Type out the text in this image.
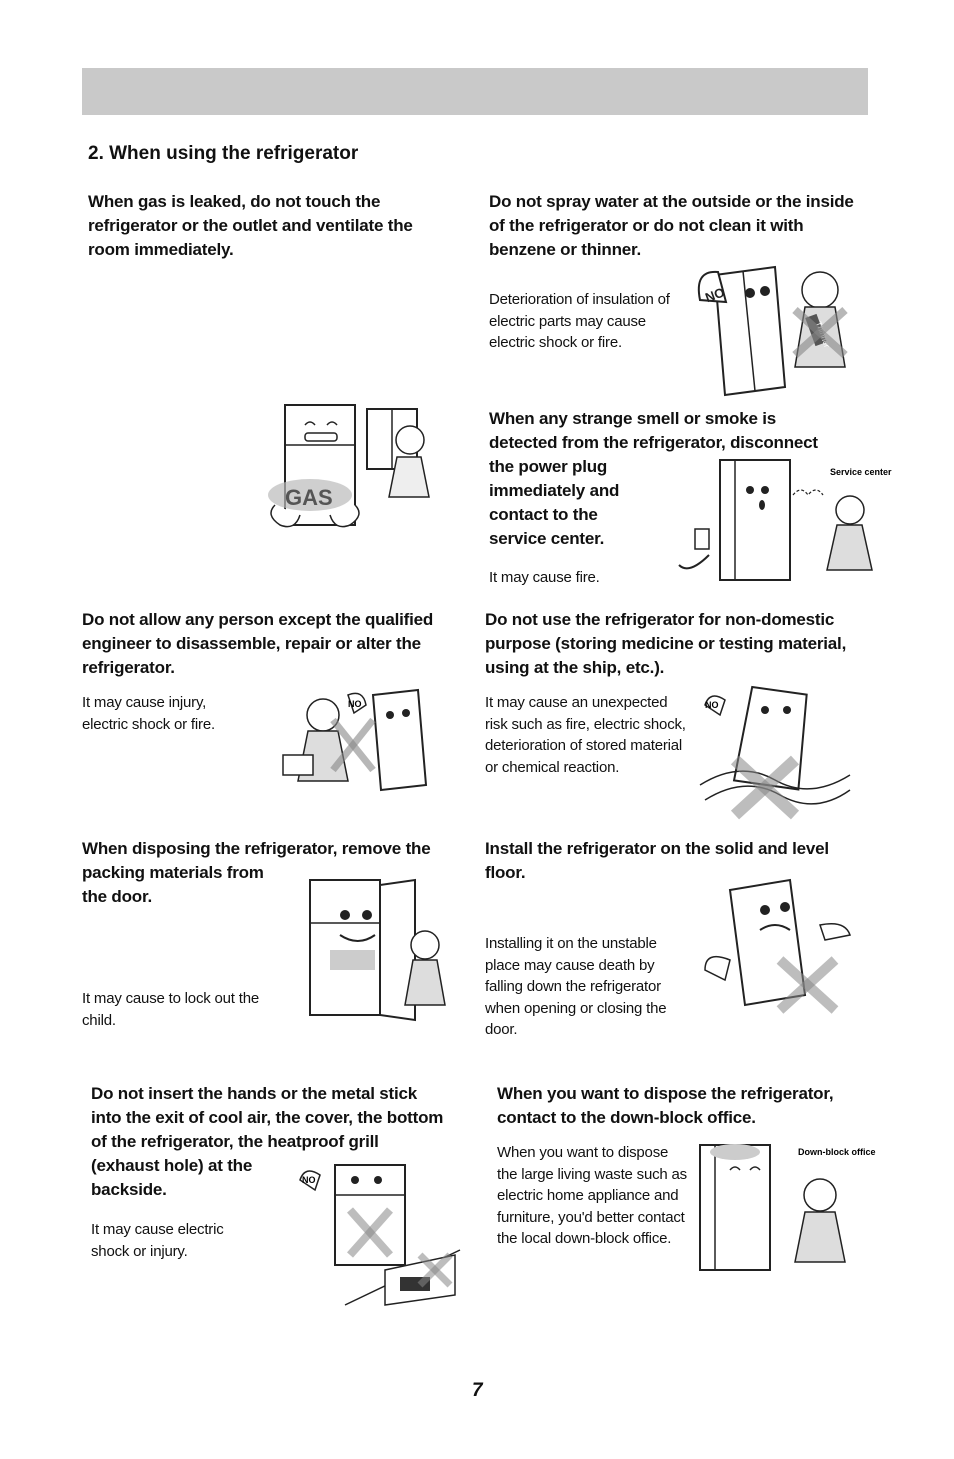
2. When using the refrigerator
When gas is leaked, do not touch the refrigerator or the outlet and ventilate the room immediately.
GAS
Do not spray water at the outside or the inside of the refrigerator or do not clean it with benzene or thinner.
Deterioration of insulation of electric parts may cause electric shock or fire.
NO
When any strange smell or smoke is
detected from the refrigerator, disconnect
the power plug
immediately and
contact to the
service center.
It may cause fire.
Service center
Do not allow any person except the qualified engineer to disassemble, repair or alter the refrigerator.
It may cause injury, electric shock or fire.
NO
Do not use the refrigerator for non-domestic purpose (storing medicine or testing material, using at the ship, etc.).
It may cause an unexpected risk such as fire, electric shock, deterioration of stored material or chemical reaction.
NO
When disposing the refrigerator, remove the
packing materials from
the door.
It may cause to lock out the child.
Install the refrigerator on the solid and level floor.
Installing it on the unstable place may cause death by falling down the refrigerator when opening or closing the door.
Do not insert the hands or the metal stick
into the exit of cool air, the cover, the bottom
of the refrigerator, the heatproof grill
(exhaust hole) at the
backside.
It may cause electric shock or injury.
NO
When you want to dispose the refrigerator, contact to the down-block office.
When you want to dispose the large living waste such as electric home appliance and furniture, you'd better contact the local down-block office.
Down-block office
7
